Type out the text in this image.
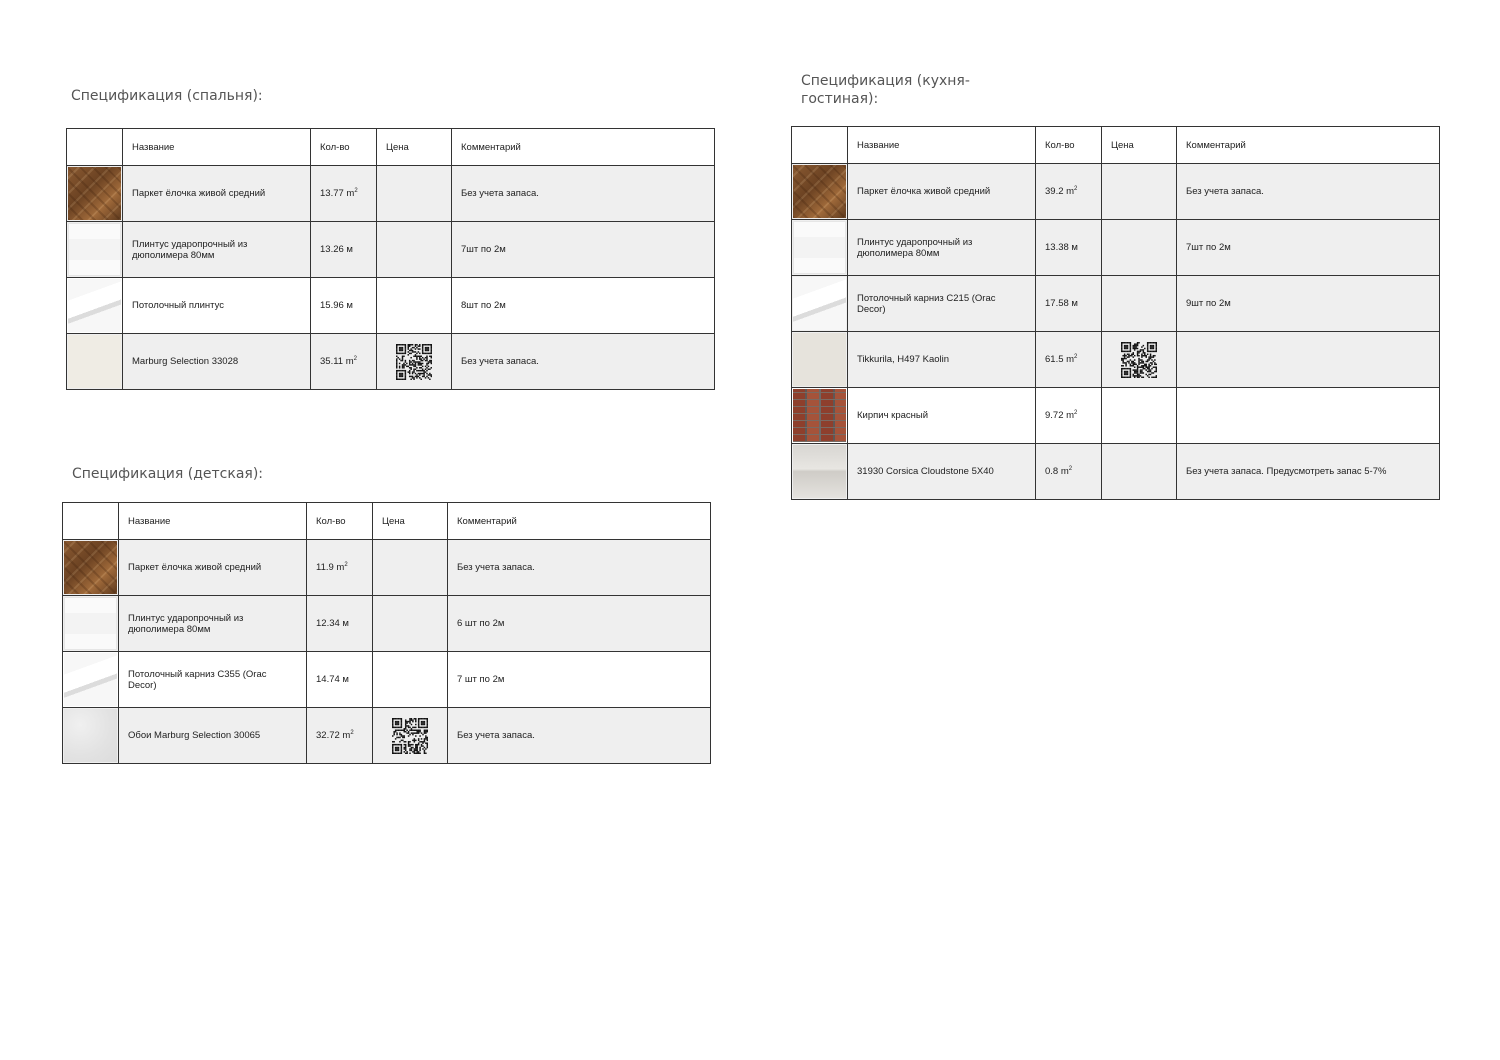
Спецификация (спальня):
	Название	Кол-во	Цена	Комментарий

	Паркет ёлочка живой средний	13.77 $m^2$		Без учета запаса.

	Плинтус ударопрочный из дюполимера 80мм	13.26 м		7шт по 2м

	Потолочный плинтус	15.96 м		8шт по 2м

	Marburg Selection 33028	35.11 $m^2$		Без учета запаса.
Спецификация (детская):
	Название	Кол-во	Цена	Комментарий

	Паркет ёлочка живой средний	11.9 $m^2$		Без учета запаса.

	Плинтус ударопрочный из дюполимера 80мм	12.34 м		6 шт по 2м

	Потолочный карниз С355 (Orac Decor)	14.74 м		7 шт по 2м

	Обои Marburg Selection 30065	32.72 $m^2$		Без учета запаса.
Спецификация (кухня-
гостиная):
	Название	Кол-во	Цена	Комментарий

	Паркет ёлочка живой средний	39.2 $m^2$		Без учета запаса.

	Плинтус ударопрочный из дюполимера 80мм	13.38 м		7шт по 2м

	Потолочный карниз С215 (Orac Decor)	17.58 м		9шт по 2м

	Tikkurila, H497 Kaolin	61.5 $m^2$	

	Кирпич красный	9.72 $m^2$		

	31930 Corsica Cloudstone 5X40	0.8 $m^2$		Без учета запаса. Предусмотреть запас 5-7%
